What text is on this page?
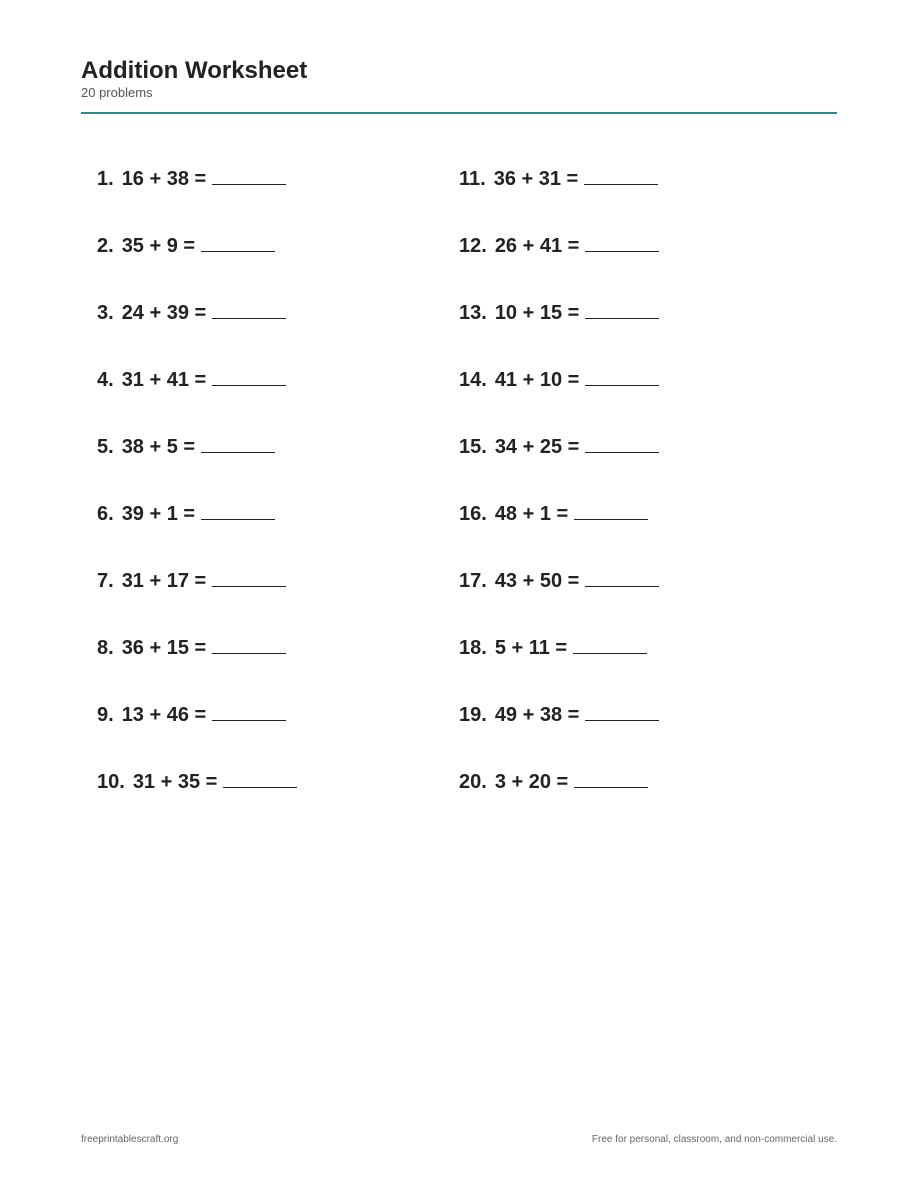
Addition Worksheet

20 problems

1. 16 + 38 =
2. 35 + 9 =
3. 24 + 39 =
4. 31 + 41 =
5. 38 + 5 =
6. 39 + 1 =
7. 31 + 17 =
8. 36 + 15 =
9. 13 + 46 =
10. 31 + 35 =
11. 36 + 31 =
12. 26 + 41 =
13. 10 + 15 =
14. 41 + 10 =
15. 34 + 25 =
16. 48 + 1 =
17. 43 + 50 =
18. 5 + 11 =
19. 49 + 38 =
20. 3 + 20 =
freeprintablescraft.org	Free for personal, classroom, and non-commercial use.
